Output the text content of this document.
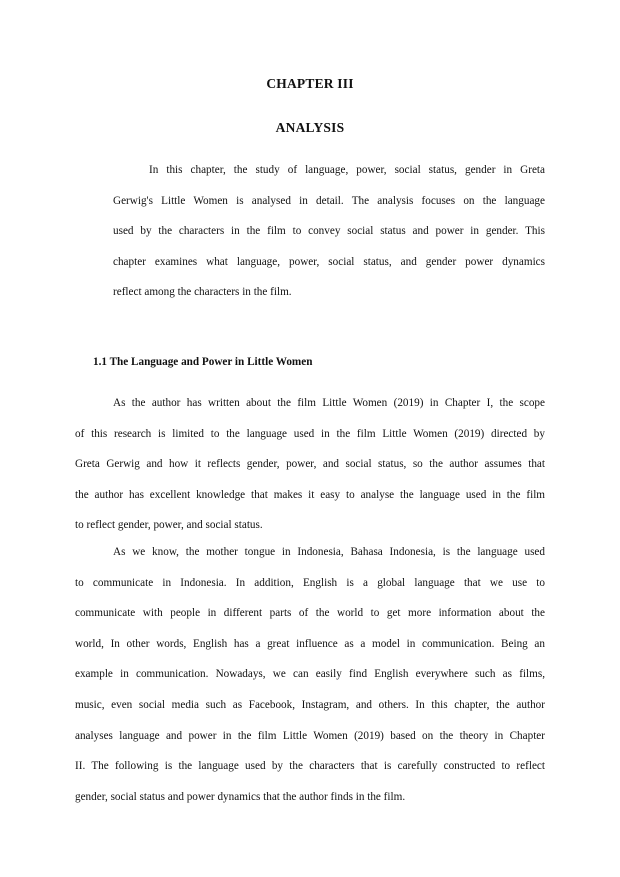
CHAPTER III
ANALYSIS
In this chapter, the study of language, power, social status, gender in Greta
Gerwig's Little Women is analysed in detail. The analysis focuses on the language
used by the characters in the film to convey social status and power in gender. This
chapter examines what language, power, social status, and gender power dynamics
reflect among the characters in the film.
1.1 The Language and Power in Little Women
As the author has written about the film Little Women (2019) in Chapter I, the scope
of this research is limited to the language used in the film Little Women (2019) directed by
Greta Gerwig and how it reflects gender, power, and social status, so the author assumes that
the author has excellent knowledge that makes it easy to analyse the language used in the film
to reflect gender, power, and social status.
As we know, the mother tongue in Indonesia, Bahasa Indonesia, is the language used
to communicate in Indonesia. In addition, English is a global language that we use to
communicate with people in different parts of the world to get more information about the
world, In other words, English has a great influence as a model in communication. Being an
example in communication. Nowadays, we can easily find English everywhere such as films,
music, even social media such as Facebook, Instagram, and others. In this chapter, the author
analyses language and power in the film Little Women (2019) based on the theory in Chapter
II. The following is the language used by the characters that is carefully constructed to reflect
gender, social status and power dynamics that the author finds in the film.
